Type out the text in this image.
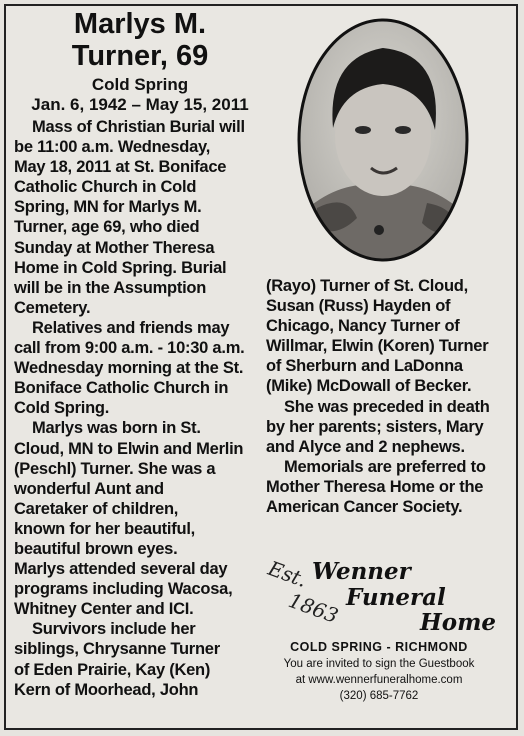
Marlys M.
Turner, 69
Cold Spring
Jan. 6, 1942 – May 15, 2011

Mass of Christian Burial will

be 11:00 a.m. Wednesday,

May 18, 2011 at St. Boniface

Catholic Church in Cold

Spring, MN for Marlys M.

Turner, age 69, who died

Sunday at Mother Theresa

Home in Cold Spring. Burial

will be in the Assumption

Cemetery.

Relatives and friends may

call from 9:00 a.m. - 10:30 a.m.

Wednesday morning at the St.

Boniface Catholic Church in

Cold Spring.

Marlys was born in St.

Cloud, MN to Elwin and Merlin

(Peschl) Turner. She was a

wonderful Aunt and

Caretaker of children,

known for her beautiful,

beautiful brown eyes.

Marlys attended several day

programs including Wacosa,

Whitney Center and ICI.

Survivors include her

siblings, Chrysanne Turner

of Eden Prairie, Kay (Ken)

Kern of Moorhead, John

(Rayo) Turner of St. Cloud,

Susan (Russ) Hayden of

Chicago, Nancy Turner of

Willmar, Elwin (Koren) Turner

of Sherburn and LaDonna

(Mike) McDowall of Becker.

She was preceded in death

by her parents; sisters, Mary

and Alyce and 2 nephews.

Memorials are preferred to

Mother Theresa Home or the

American Cancer Society.

Est.
1863
Wenner
Funeral
Home
COLD SPRING - RICHMOND
You are invited to sign the Guestbook
at www.wennerfuneralhome.com
(320) 685-7762
